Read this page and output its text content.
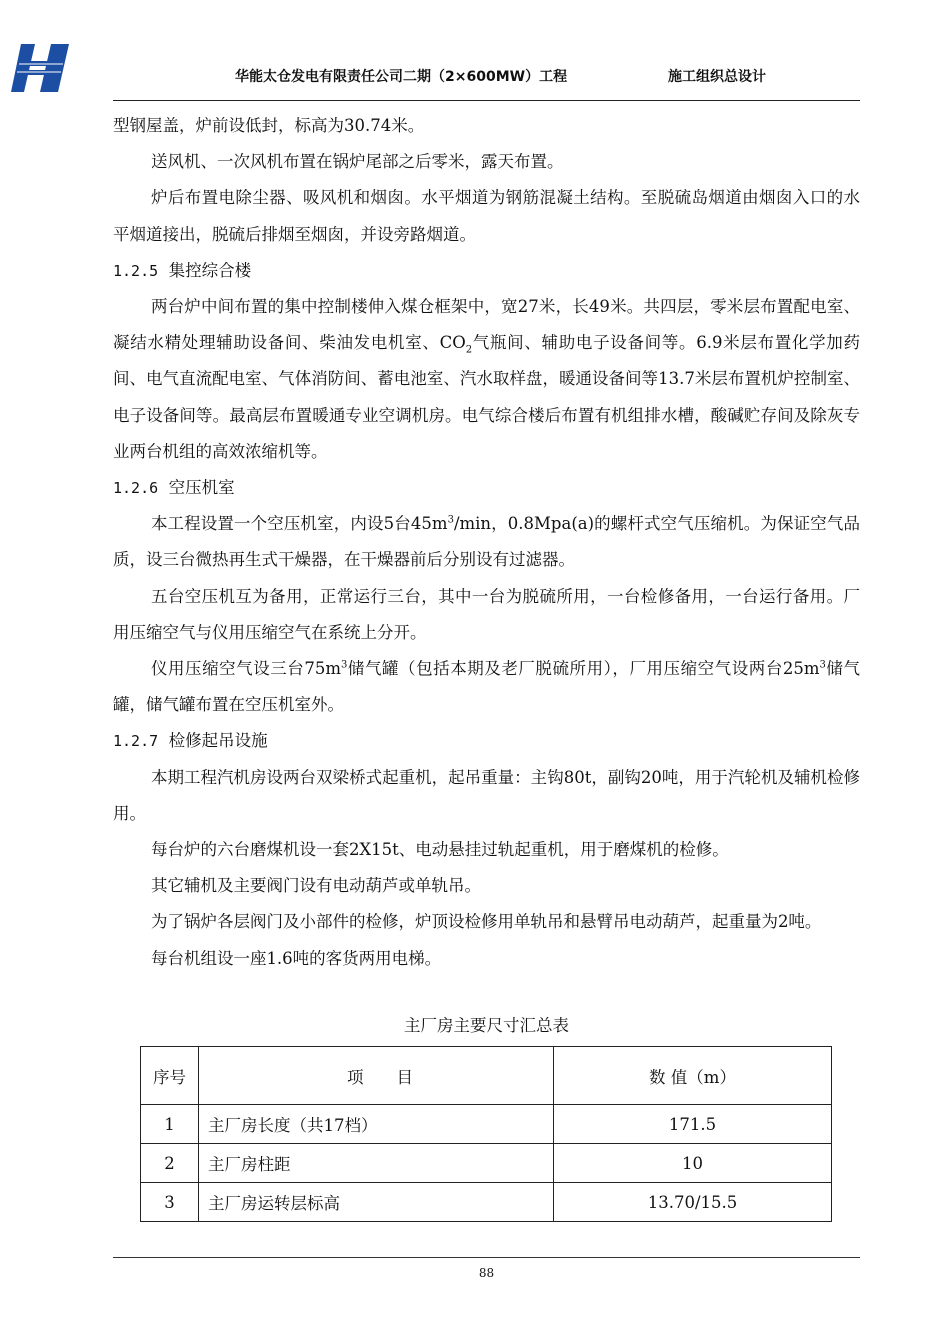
华能太仓发电有限责任公司二期（2×600MW）工程	施工组织总设计

型钢屋盖，炉前设低封，标高为30.74米。

送风机、一次风机布置在锅炉尾部之后零米，露天布置。

炉后布置电除尘器、吸风机和烟囱。水平烟道为钢筋混凝土结构。至脱硫岛烟道由烟囱入口的水平烟道接出，脱硫后排烟至烟囱，并设旁路烟道。

1.2.5 集控综合楼

两台炉中间布置的集中控制楼伸入煤仓框架中，宽27米，长49米。共四层，零米层布置配电室、凝结水精处理辅助设备间、柴油发电机室、$CO_2$气瓶间、辅助电子设备间等。6.9米层布置化学加药间、电气直流配电室、气体消防间、蓄电池室、汽水取样盘，暖通设备间等13.7米层布置机炉控制室、电子设备间等。最高层布置暖通专业空调机房。电气综合楼后布置有机组排水槽，酸碱贮存间及除灰专业两台机组的高效浓缩机等。

1.2.6 空压机室

本工程设置一个空压机室，内设5台$45m^3/\min$，0.8Mpa(a)的螺杆式空气压缩机。为保证空气品质，设三台微热再生式干燥器，在干燥器前后分别设有过滤器。

五台空压机互为备用，正常运行三台，其中一台为脱硫所用，一台检修备用，一台运行备用。厂用压缩空气与仪用压缩空气在系统上分开。

仪用压缩空气设三台$75m^3$储气罐（包括本期及老厂脱硫所用），厂用压缩空气设两台$25m^3$储气罐，储气罐布置在空压机室外。

1.2.7 检修起吊设施

本期工程汽机房设两台双梁桥式起重机，起吊重量：主钩80t，副钩20吨，用于汽轮机及辅机检修用。

每台炉的六台磨煤机设一套2X15t、电动悬挂过轨起重机，用于磨煤机的检修。

其它辅机及主要阀门设有电动葫芦或单轨吊。

为了锅炉各层阀门及小部件的检修，炉顶设检修用单轨吊和悬臂吊电动葫芦，起重量为2吨。

每台机组设一座1.6吨的客货两用电梯。

主厂房主要尺寸汇总表
序号	项　　目	数 值（m）
1	主厂房长度（共17档）	171.5
2	主厂房柱距	10
3	主厂房运转层标高	13.70/15.5
88
